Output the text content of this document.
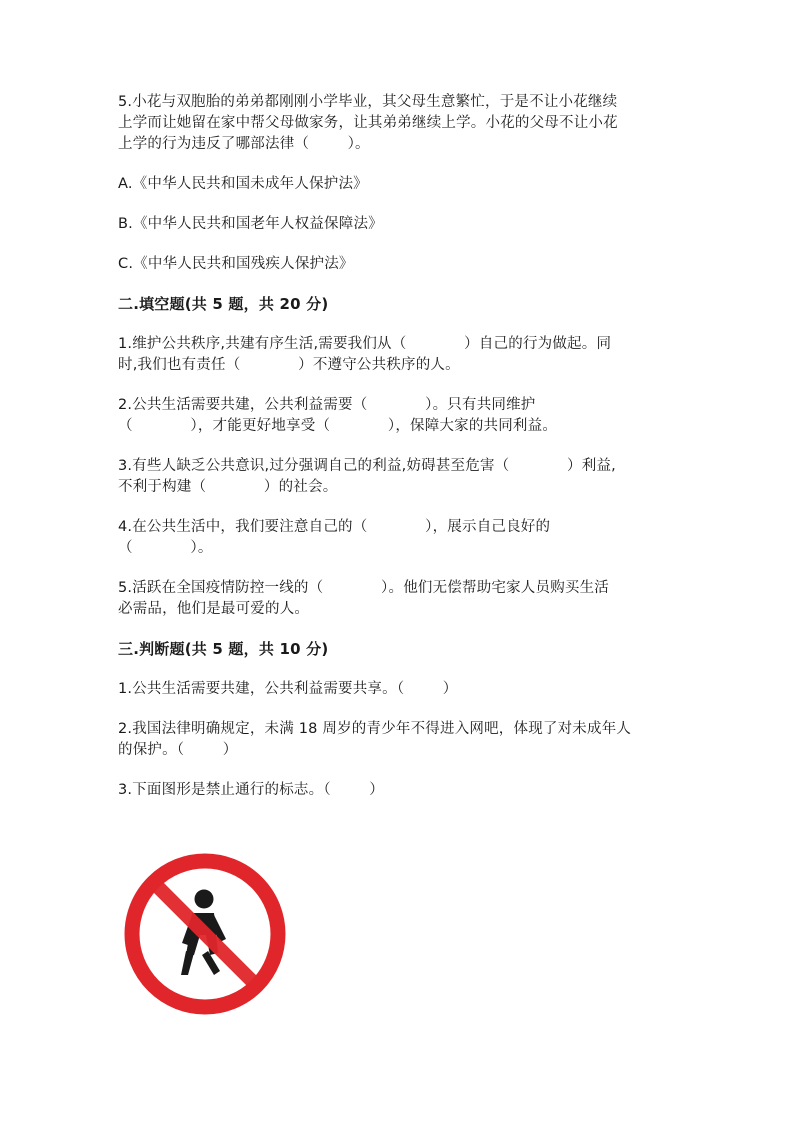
5.小花与双胞胎的弟弟都刚刚小学毕业，其父母生意繁忙，于是不让小花继续

上学而让她留在家中帮父母做家务，让其弟弟继续上学。小花的父母不让小花

上学的行为违反了哪部法律（        ）。

A.《中华人民共和国未成年人保护法》

B.《中华人民共和国老年人权益保障法》

C.《中华人民共和国残疾人保护法》

二.填空题(共 5 题，共 20 分)

1.维护公共秩序,共建有序生活,需要我们从（            ）自己的行为做起。同

时,我们也有责任（            ）不遵守公共秩序的人。

2.公共生活需要共建，公共利益需要（            ）。只有共同维护

（            ），才能更好地享受（            ），保障大家的共同利益。

3.有些人缺乏公共意识,过分强调自己的利益,妨碍甚至危害（            ）利益,

不利于构建（            ）的社会。

4.在公共生活中，我们要注意自己的（            ），展示自己良好的

（            ）。

5.活跃在全国疫情防控一线的（            ）。他们无偿帮助宅家人员购买生活

必需品，他们是最可爱的人。

三.判断题(共 5 题，共 10 分)

1.公共生活需要共建，公共利益需要共享。（        ）

2.我国法律明确规定，未满 18 周岁的青少年不得进入网吧，体现了对未成年人

的保护。（        ）

3.下面图形是禁止通行的标志。（        ）
